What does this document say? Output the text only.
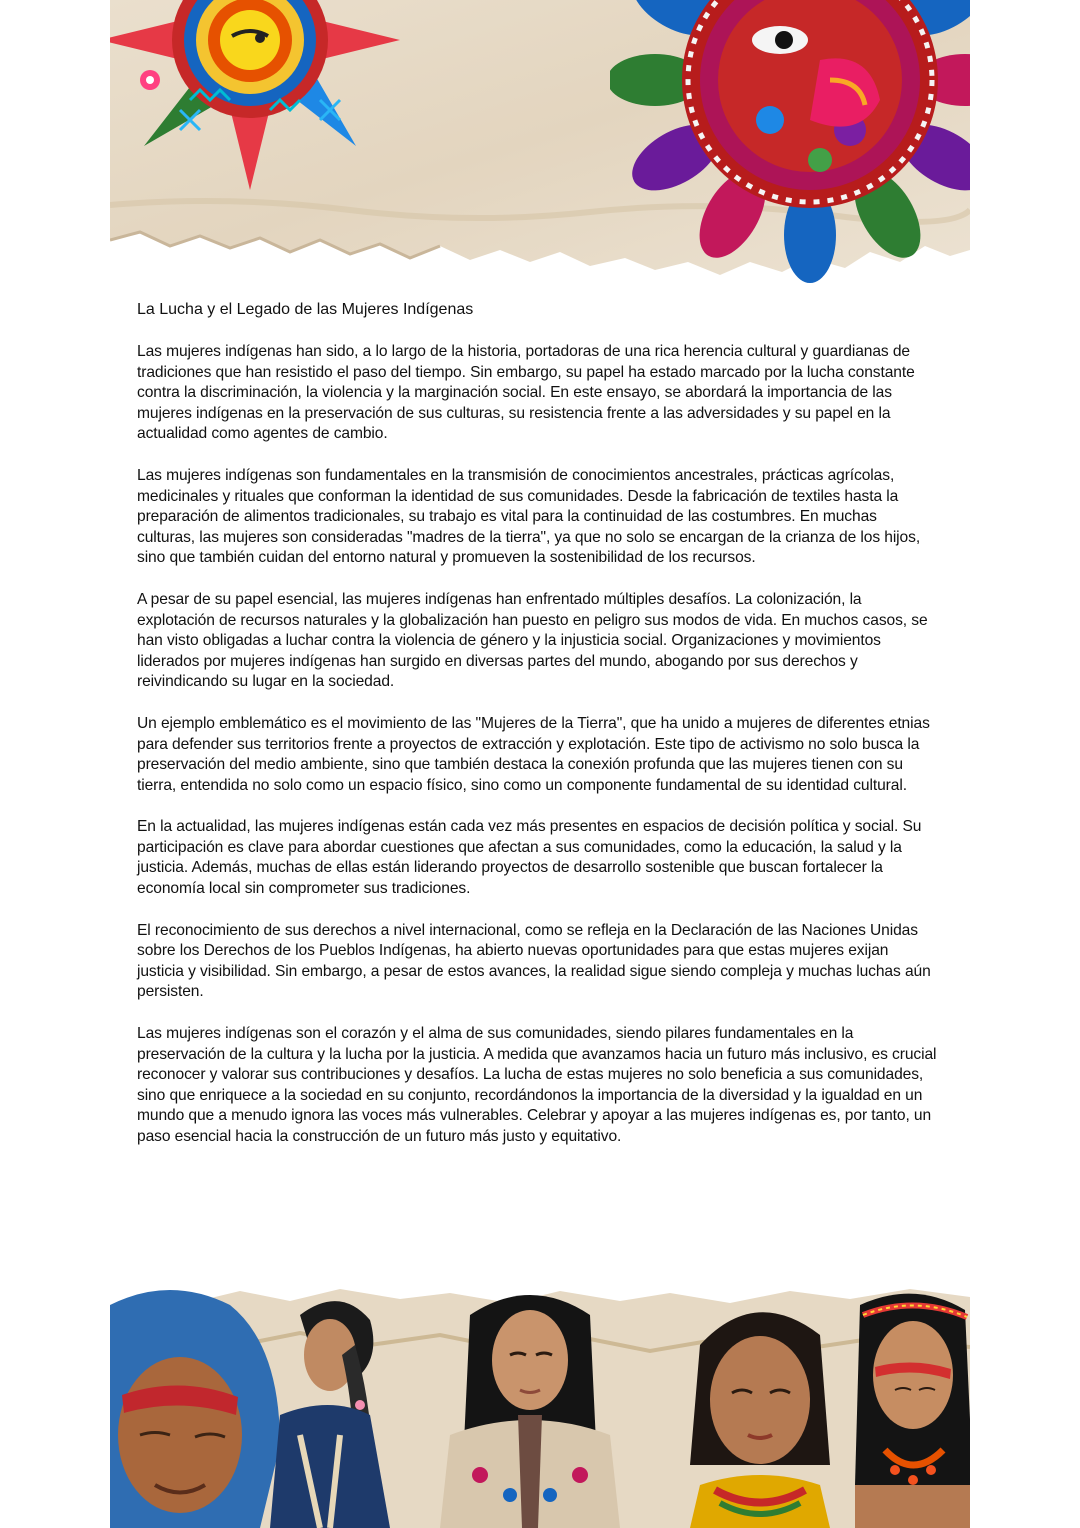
La Lucha y el Legado de las Mujeres Indígenas

Las mujeres indígenas han sido, a lo largo de la historia, portadoras de una rica herencia cultural y guardianas de tradiciones que han resistido el paso del tiempo. Sin embargo, su papel ha estado marcado por la lucha constante contra la discriminación, la violencia y la marginación social. En este ensayo, se abordará la importancia de las mujeres indígenas en la preservación de sus culturas, su resistencia frente a las adversidades y su papel en la actualidad como agentes de cambio.

Las mujeres indígenas son fundamentales en la transmisión de conocimientos ancestrales, prácticas agrícolas, medicinales y rituales que conforman la identidad de sus comunidades. Desde la fabricación de textiles hasta la preparación de alimentos tradicionales, su trabajo es vital para la continuidad de las costumbres. En muchas culturas, las mujeres son consideradas "madres de la tierra", ya que no solo se encargan de la crianza de los hijos, sino que también cuidan del entorno natural y promueven la sostenibilidad de los recursos.

A pesar de su papel esencial, las mujeres indígenas han enfrentado múltiples desafíos. La colonización, la explotación de recursos naturales y la globalización han puesto en peligro sus modos de vida. En muchos casos, se han visto obligadas a luchar contra la violencia de género y la injusticia social. Organizaciones y movimientos liderados por mujeres indígenas han surgido en diversas partes del mundo, abogando por sus derechos y reivindicando su lugar en la sociedad.

Un ejemplo emblemático es el movimiento de las "Mujeres de la Tierra", que ha unido a mujeres de diferentes etnias para defender sus territorios frente a proyectos de extracción y explotación. Este tipo de activismo no solo busca la preservación del medio ambiente, sino que también destaca la conexión profunda que las mujeres tienen con su tierra, entendida no solo como un espacio físico, sino como un componente fundamental de su identidad cultural.

En la actualidad, las mujeres indígenas están cada vez más presentes en espacios de decisión política y social. Su participación es clave para abordar cuestiones que afectan a sus comunidades, como la educación, la salud y la justicia. Además, muchas de ellas están liderando proyectos de desarrollo sostenible que buscan fortalecer la economía local sin comprometer sus tradiciones.

El reconocimiento de sus derechos a nivel internacional, como se refleja en la Declaración de las Naciones Unidas sobre los Derechos de los Pueblos Indígenas, ha abierto nuevas oportunidades para que estas mujeres exijan justicia y visibilidad. Sin embargo, a pesar de estos avances, la realidad sigue siendo compleja y muchas luchas aún persisten.

Las mujeres indígenas son el corazón y el alma de sus comunidades, siendo pilares fundamentales en la preservación de la cultura y la lucha por la justicia. A medida que avanzamos hacia un futuro más inclusivo, es crucial reconocer y valorar sus contribuciones y desafíos. La lucha de estas mujeres no solo beneficia a sus comunidades, sino que enriquece a la sociedad en su conjunto, recordándonos la importancia de la diversidad y la igualdad en un mundo que a menudo ignora las voces más vulnerables. Celebrar y apoyar a las mujeres indígenas es, por tanto, un paso esencial hacia la construcción de un futuro más justo y equitativo.
